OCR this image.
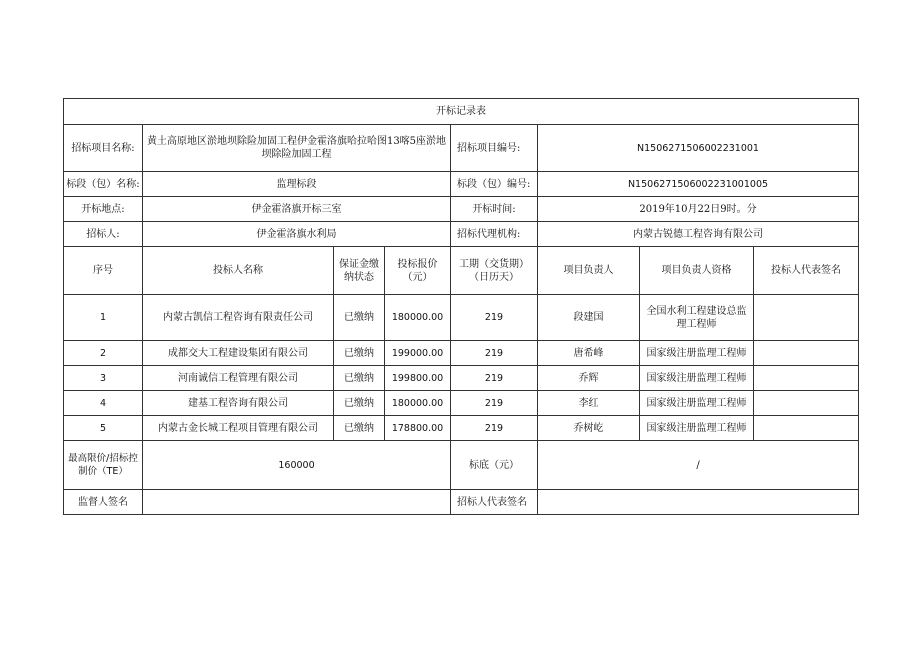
开标记录表							
招标项目名称:	黄土高原地区淤地坝除险加固工程伊金霍洛旗哈拉哈图13喀5座淤地坝除险加固工程			招标项目编号:	N1506271506002231001		
标段（包）名称:	监理标段			标段（包）编号:	N1506271506002231001005		
开标地点:	伊金霍洛旗开标三室			开标时间:	2019年10月22日9时。分		
招标人:	伊金霍洛旗水利局			招标代理机构:	内蒙古锐德工程咨询有限公司		
序号	投标人名称	保证金缴纳状态	投标报价（元）	工期（交货期）（日历天）	项目负责人	项目负责人资格	投标人代表签名
1	内蒙古凯信工程咨询有限责任公司	已缴纳	180000.00	219	段建国	全国水利工程建设总监理工程师	
2	成都交大工程建设集团有限公司	已缴纳	199000.00	219	唐希峰	国家级注册监理工程师	
3	河南诚信工程管理有限公司	已缴纳	199800.00	219	乔辉	国家级注册监理工程师	
4	建基工程咨询有限公司	已缴纳	180000.00	219	李红	国家级注册监理工程师	
5	内蒙古金长城工程项目管理有限公司	已缴纳	178800.00	219	乔树屹	国家级注册监理工程师	
最高限价/招标控制价（TE）	160000			标底（元）	/		
监督人签名				招标人代表签名			
